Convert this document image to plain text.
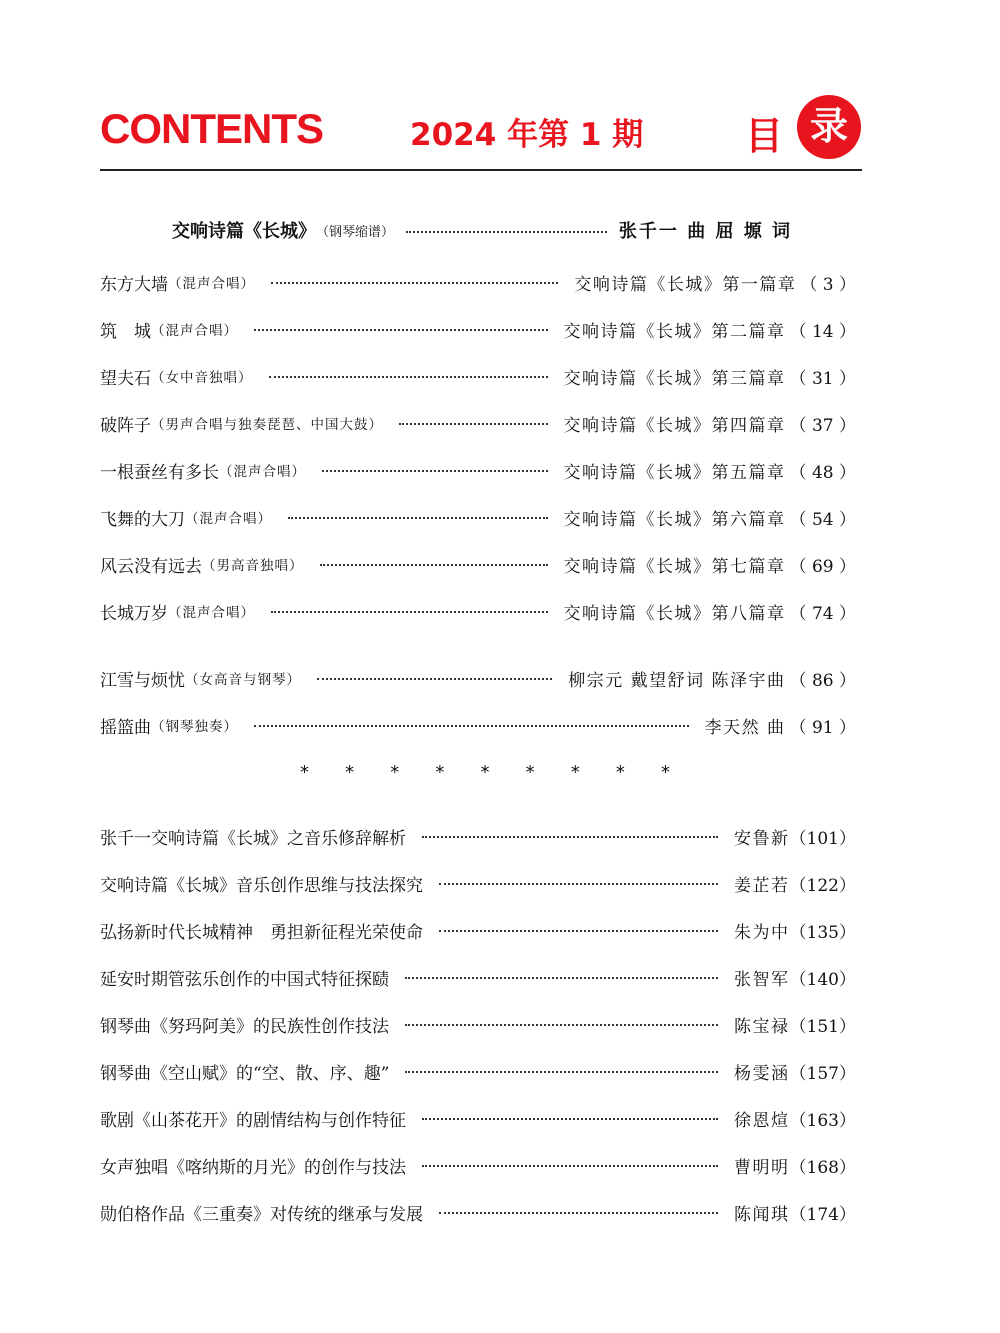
CONTENTS	2024 年第 1 期	目 录
交响诗篇《长城》 （钢琴缩谱）	张千一 曲 屈 塬 词
东方大墙 （混声合唱）	交响诗篇《长城》第一篇章 （ 3 ）
筑　城 （混声合唱）	交响诗篇《长城》第二篇章 （ 14 ）
望夫石 （女中音独唱）	交响诗篇《长城》第三篇章 （ 31 ）
破阵子 （男声合唱与独奏琵琶、中国大鼓）	交响诗篇《长城》第四篇章 （ 37 ）
一根蚕丝有多长 （混声合唱）	交响诗篇《长城》第五篇章 （ 48 ）
飞舞的大刀 （混声合唱）	交响诗篇《长城》第六篇章 （ 54 ）
风云没有远去 （男高音独唱）	交响诗篇《长城》第七篇章 （ 69 ）
长城万岁 （混声合唱）	交响诗篇《长城》第八篇章 （ 74 ）
江雪与烦忧 （女高音与钢琴）	柳宗元 戴望舒词 陈泽宇曲 （ 86 ）
摇篮曲 （钢琴独奏）	李天然 曲 （ 91 ）
* * * * * * * * *
张千一交响诗篇《长城》之音乐修辞解析	安鲁新 （101）
交响诗篇《长城》音乐创作思维与技法探究	姜芷若 （122）
弘扬新时代长城精神　勇担新征程光荣使命	朱为中 （135）
延安时期管弦乐创作的中国式特征探赜	张智军 （140）
钢琴曲《努玛阿美》的民族性创作技法	陈宝禄 （151）
钢琴曲《空山赋》的“空、散、序、趣”	杨雯涵 （157）
歌剧《山茶花开》的剧情结构与创作特征	徐恩煊 （163）
女声独唱《喀纳斯的月光》的创作与技法	曹明明 （168）
勋伯格作品《三重奏》对传统的继承与发展	陈闻琪 （174）
